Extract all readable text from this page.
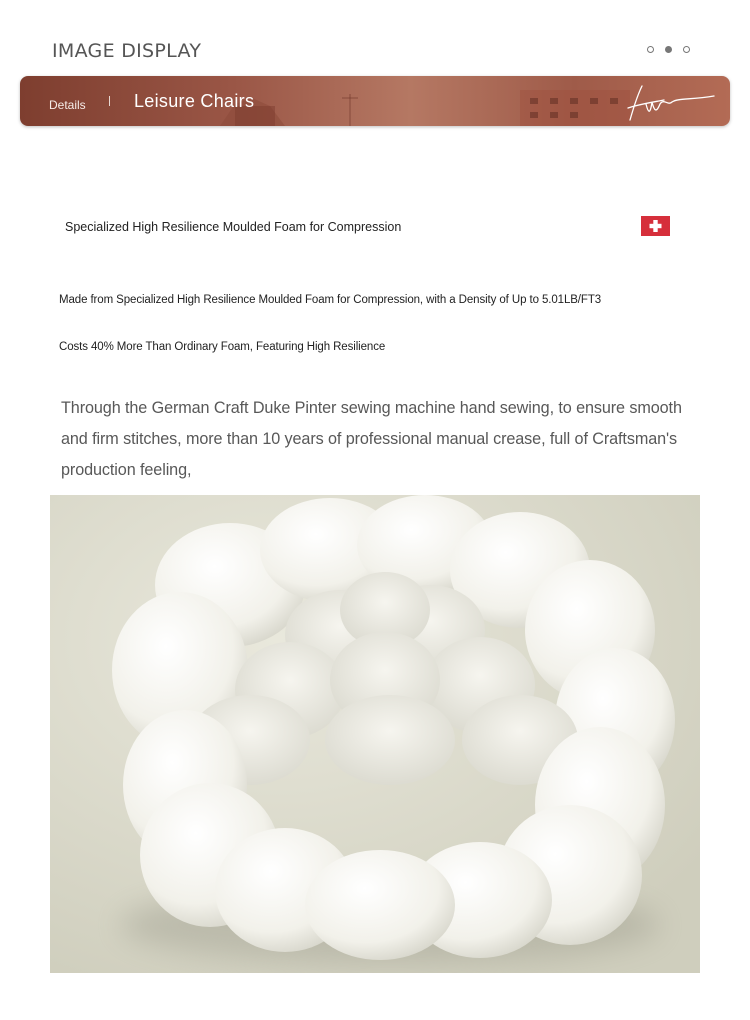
IMAGE DISPLAY
Details	Leisure Chairs
Specialized High Resilience Moulded Foam for Compression
Made from Specialized High Resilience Moulded Foam for Compression, with a Density of Up to 5.01LB/FT3
Costs 40% More Than Ordinary Foam, Featuring High Resilience

Through the German Craft Duke Pinter sewing machine hand sewing, to ensure smooth and firm stitches, more than 10 years of professional manual crease, full of Craftsman's production feeling,
